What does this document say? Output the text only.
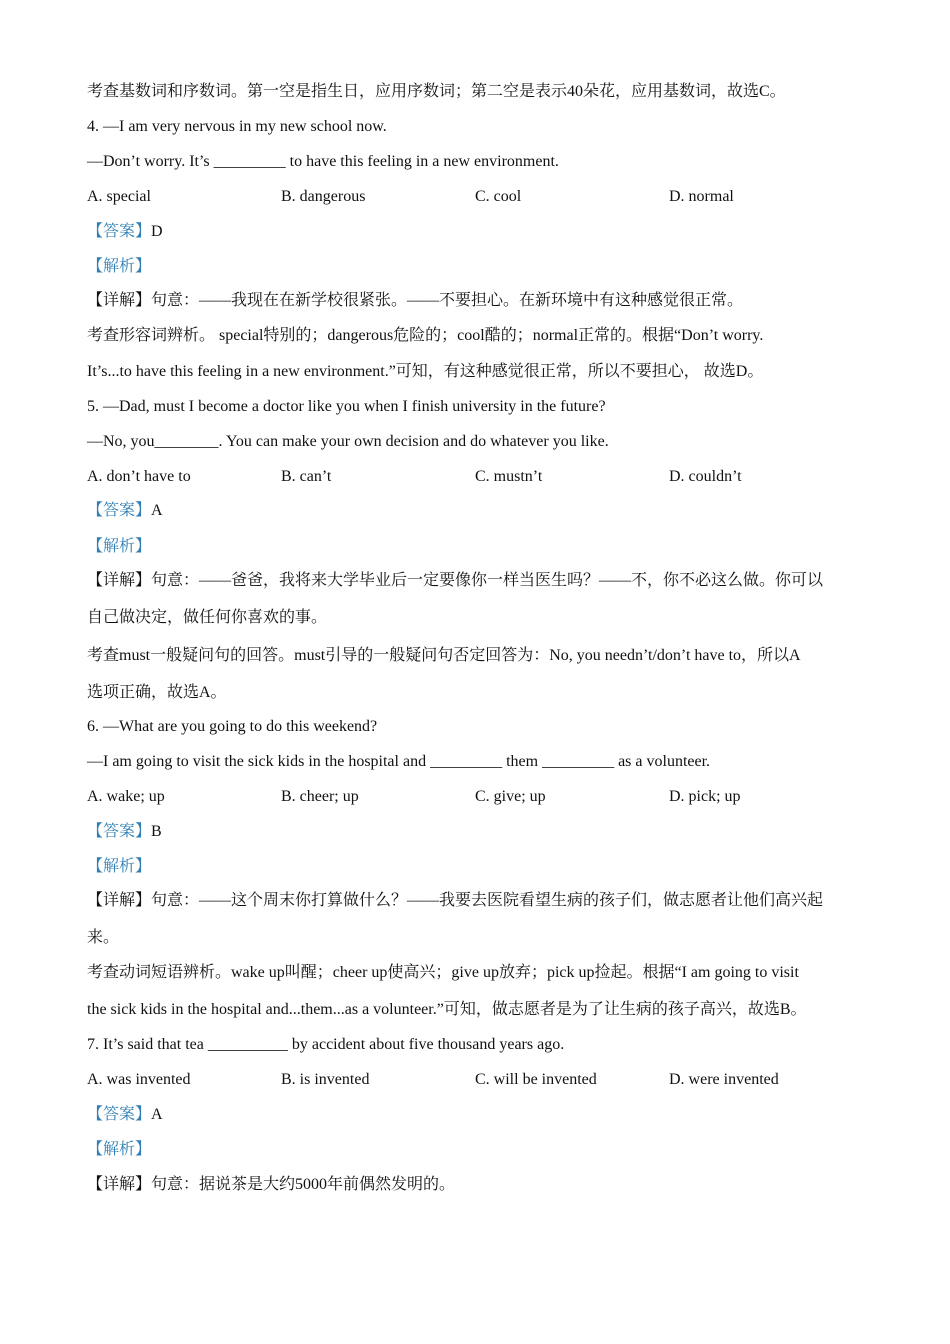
考查基数词和序数词。第一空是指生日，应用序数词；第二空是表示40朵花，应用基数词，故选C。
4. —I am very nervous in my new school now.
—Don’t worry. It’s _________ to have this feeling in a new environment.
A. special	B. dangerous	C. cool	D. normal
【答案】D
【解析】
【详解】句意：——我现在在新学校很紧张。——不要担心。在新环境中有这种感觉很正常。
考查形容词辨析。 special特别的；dangerous危险的；cool酷的；normal正常的。根据“Don’t worry.
It’s...to have this feeling in a new environment.”可知，有这种感觉很正常，所以不要担心， 故选D。
5. —Dad, must I become a doctor like you when I finish university in the future?
—No, you________. You can make your own decision and do whatever you like.
A. don’t have to	B. can’t	C. mustn’t	D. couldn’t
【答案】A
【解析】
【详解】句意：——爸爸，我将来大学毕业后一定要像你一样当医生吗？——不，你不必这么做。你可以
自己做决定，做任何你喜欢的事。
考查must一般疑问句的回答。must引导的一般疑问句否定回答为：No, you needn’t/don’t have to，所以A
选项正确，故选A。
6. —What are you going to do this weekend?
—I am going to visit the sick kids in the hospital and _________ them _________ as a volunteer.
A. wake; up	B. cheer; up	C. give; up	D. pick; up
【答案】B
【解析】
【详解】句意：——这个周末你打算做什么？——我要去医院看望生病的孩子们，做志愿者让他们高兴起
来。
考查动词短语辨析。wake up叫醒；cheer up使高兴；give up放弃；pick up捡起。根据“I am going to visit
the sick kids in the hospital and...them...as a volunteer.”可知，做志愿者是为了让生病的孩子高兴，故选B。
7. It’s said that tea __________ by accident about five thousand years ago.
A. was invented	B. is invented	C. will be invented	D. were invented
【答案】A
【解析】
【详解】句意：据说茶是大约5000年前偶然发明的。
